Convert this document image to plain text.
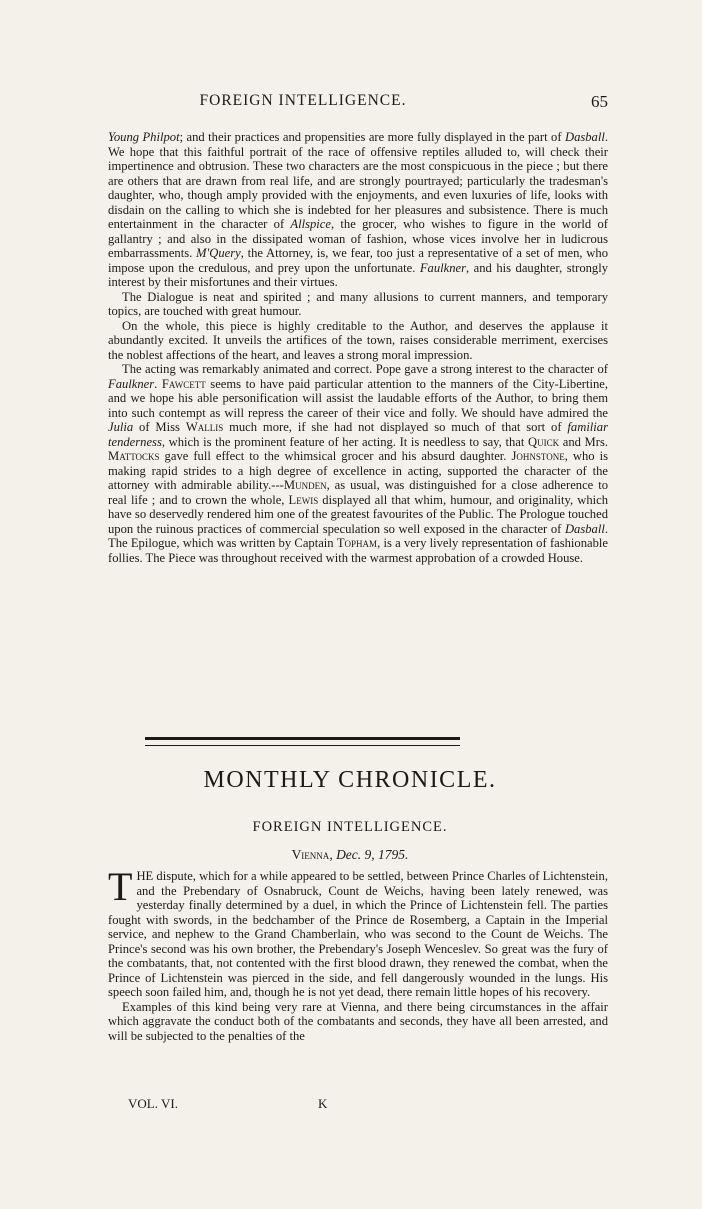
FOREIGN INTELLIGENCE.	65

Young Philpot; and their practices and propensities are more fully displayed in the part of Dasball. We hope that this faithful portrait of the race of offensive reptiles alluded to, will check their impertinence and obtrusion. These two characters are the most conspicuous in the piece ; but there are others that are drawn from real life, and are strongly pourtrayed; particularly the tradesman's daughter, who, though amply provided with the enjoyments, and even luxuries of life, looks with disdain on the calling to which she is indebted for her pleasures and subsistence. There is much entertainment in the character of Allspice, the grocer, who wishes to figure in the world of gallantry ; and also in the dissipated woman of fashion, whose vices involve her in ludicrous embarrassments. M'Query, the Attorney, is, we fear, too just a representative of a set of men, who impose upon the credulous, and prey upon the unfortunate. Faulkner, and his daughter, strongly interest by their misfortunes and their virtues.

The Dialogue is neat and spirited ; and many allusions to current manners, and temporary topics, are touched with great humour.

On the whole, this piece is highly creditable to the Author, and deserves the applause it abundantly excited. It unveils the artifices of the town, raises considerable merriment, exercises the noblest affections of the heart, and leaves a strong moral impression.

The acting was remarkably animated and correct. Pope gave a strong interest to the character of Faulkner. Fawcett seems to have paid particular attention to the manners of the City-Libertine, and we hope his able personification will assist the laudable efforts of the Author, to bring them into such contempt as will repress the career of their vice and folly. We should have admired the Julia of Miss Wallis much more, if she had not displayed so much of that sort of familiar tenderness, which is the prominent feature of her acting. It is needless to say, that Quick and Mrs. Mattocks gave full effect to the whimsical grocer and his absurd daughter. Johnstone, who is making rapid strides to a high degree of excellence in acting, supported the character of the attorney with admirable ability.---Munden, as usual, was distinguished for a close adherence to real life ; and to crown the whole, Lewis displayed all that whim, humour, and originality, which have so deservedly rendered him one of the greatest favourites of the Public. The Prologue touched upon the ruinous practices of commercial speculation so well exposed in the character of Dasball. The Epilogue, which was written by Captain Topham, is a very lively representation of fashionable follies. The Piece was throughout received with the warmest approbation of a crowded House.

MONTHLY CHRONICLE.
FOREIGN INTELLIGENCE.
Vienna, Dec. 9, 1795.

THE dispute, which for a while appeared to be settled, between Prince Charles of Lichtenstein, and the Prebendary of Osnabruck, Count de Weichs, having been lately renewed, was yesterday finally determined by a duel, in which the Prince of Lichtenstein fell. The parties fought with swords, in the bedchamber of the Prince de Rosemberg, a Captain in the Imperial service, and nephew to the Grand Chamberlain, who was second to the Count de Weichs. The Prince's second was his own brother, the Prebendary's Joseph Wenceslev. So great was the fury of the combatants, that, not contented with the first blood drawn, they renewed the combat, when the Prince of Lichtenstein was pierced in the side, and fell dangerously wounded in the lungs. His speech soon failed him, and, though he is not yet dead, there remain little hopes of his recovery.

Examples of this kind being very rare at Vienna, and there being circumstances in the affair which aggravate the conduct both of the combatants and seconds, they have all been arrested, and will be subjected to the penalties of the

VOL. VI.	K
